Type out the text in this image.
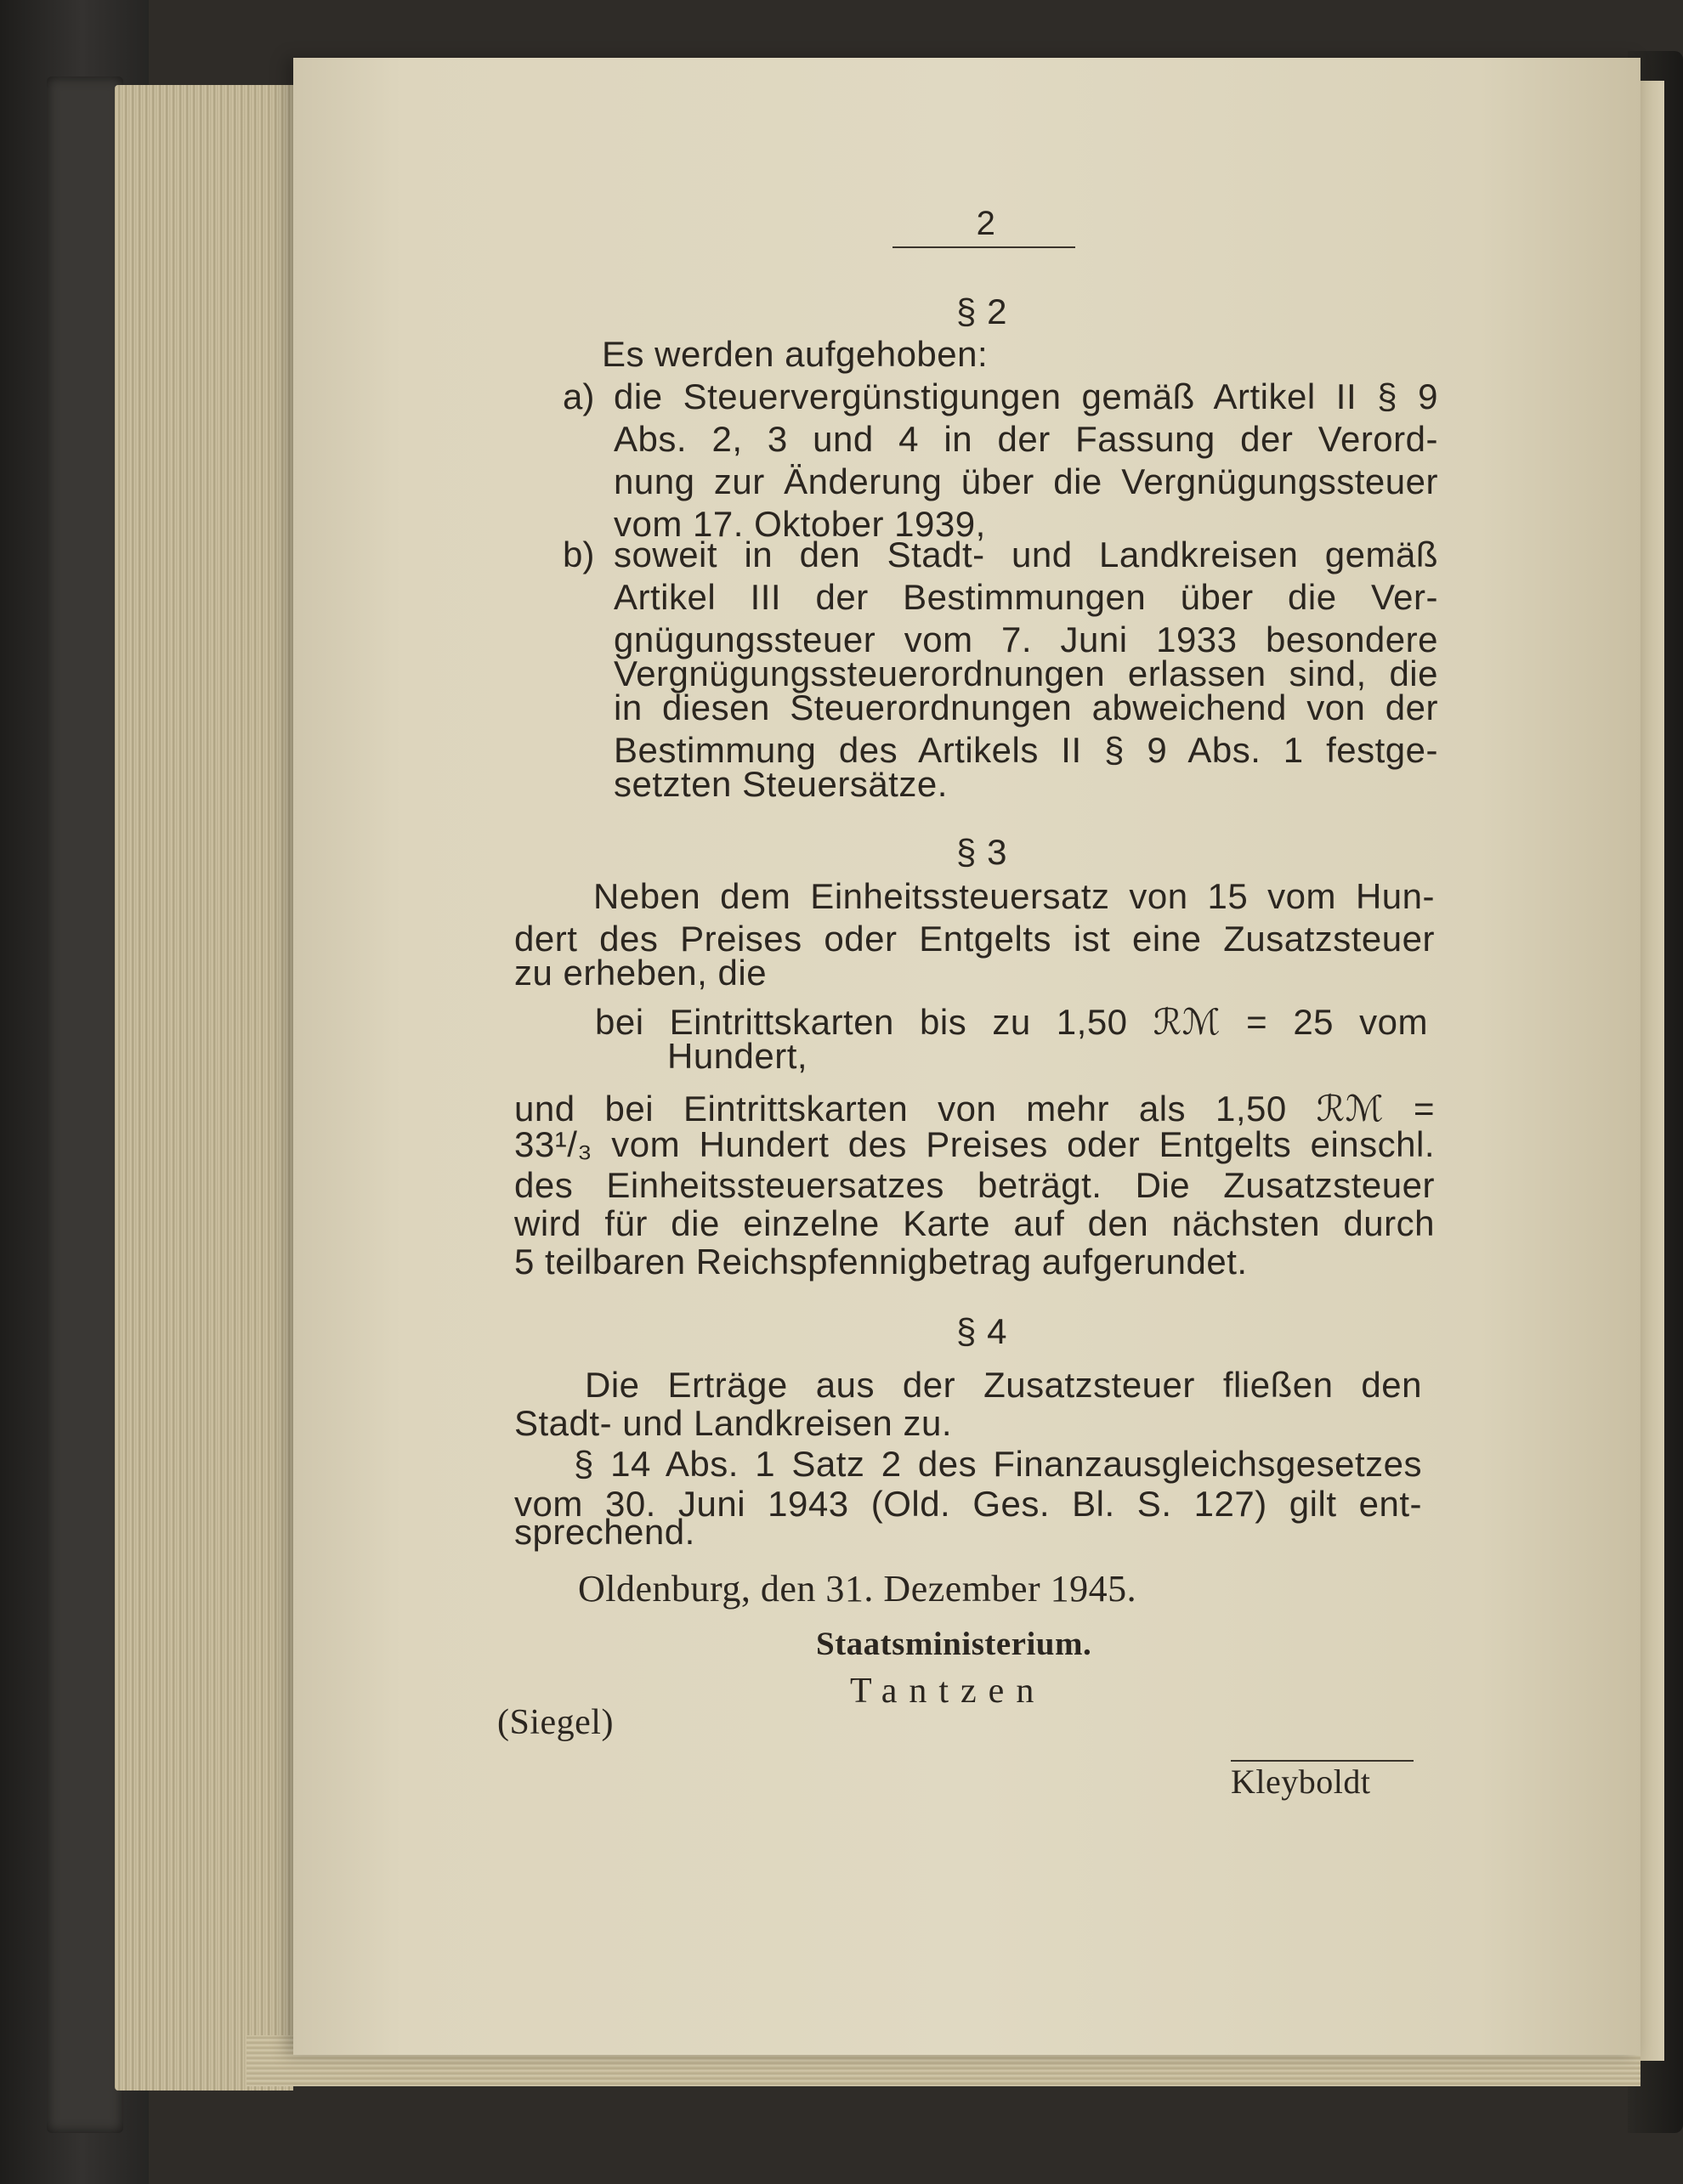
2
§ 2
Es werden aufgehoben:
a) die Steuervergünstigungen gemäß Artikel II § 9
Abs. 2, 3 und 4 in der Fassung der Verord-
nung zur Änderung über die Vergnügungssteuer
vom 17. Oktober 1939,
b) soweit in den Stadt- und Landkreisen gemäß
Artikel III der Bestimmungen über die Ver-
gnügungssteuer vom 7. Juni 1933 besondere
Vergnügungssteuerordnungen erlassen sind, die
in diesen Steuerordnungen abweichend von der
Bestimmung des Artikels II § 9 Abs. 1 festge-
setzten Steuersätze.
§ 3
Neben dem Einheitssteuersatz von 15 vom Hun-
dert des Preises oder Entgelts ist eine Zusatzsteuer
zu erheben, die
bei Eintrittskarten bis zu 1,50 ℛℳ = 25 vom
Hundert,
und bei Eintrittskarten von mehr als 1,50 ℛℳ =
33¹/₃ vom Hundert des Preises oder Entgelts einschl.
des Einheitssteuersatzes beträgt. Die Zusatzsteuer
wird für die einzelne Karte auf den nächsten durch
5 teilbaren Reichspfennigbetrag aufgerundet.
§ 4
Die Erträge aus der Zusatzsteuer fließen den
Stadt- und Landkreisen zu.
§ 14 Abs. 1 Satz 2 des Finanzausgleichsgesetzes
vom 30. Juni 1943 (Old. Ges. Bl. S. 127) gilt ent-
sprechend.
Oldenburg, den 31. Dezember 1945.
Staatsministerium.
Tantzen
(Siegel)
Kleyboldt
